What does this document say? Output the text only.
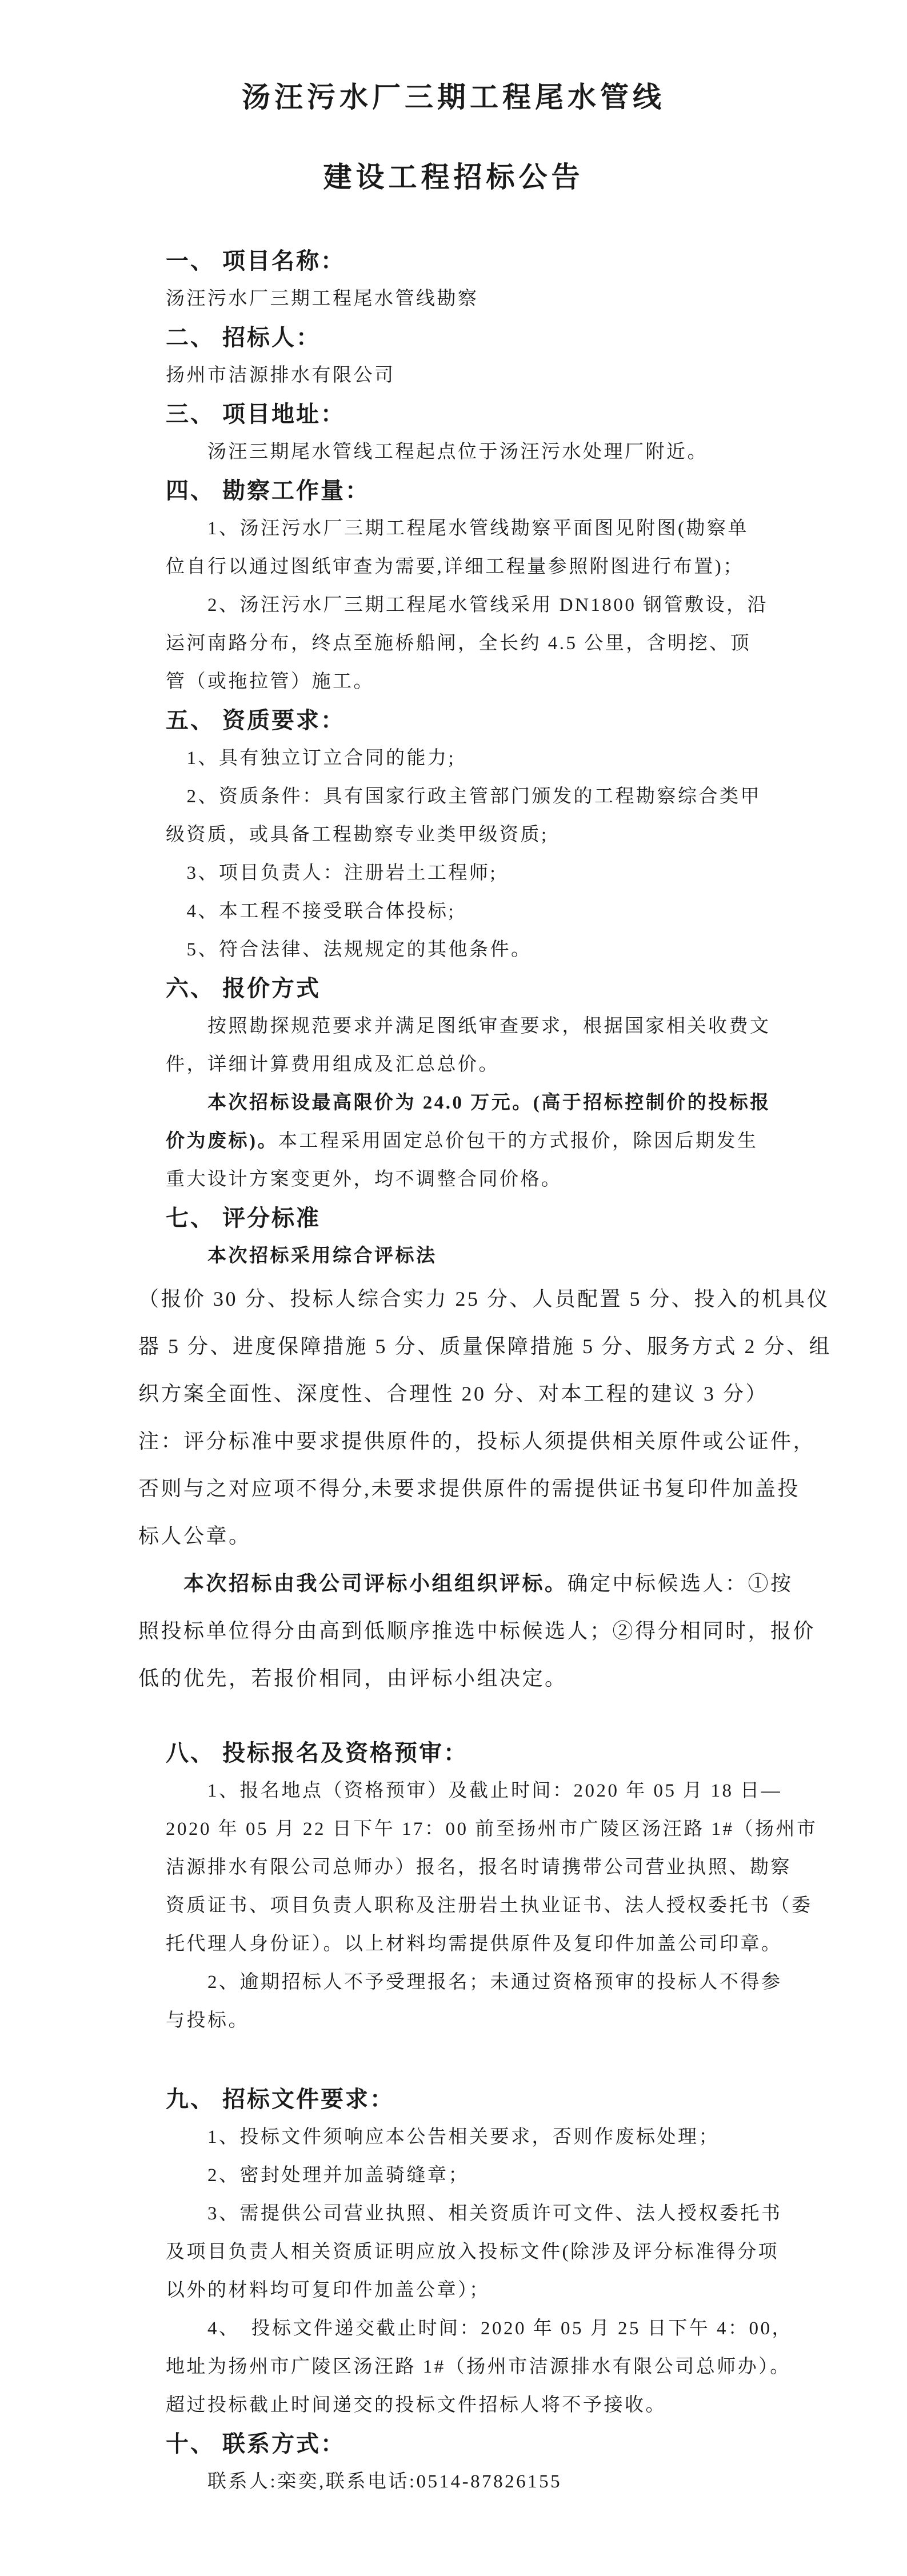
汤汪污水厂三期工程尾水管线
建设工程招标公告
一、 项目名称：
汤汪污水厂三期工程尾水管线勘察
二、 招标人：
扬州市洁源排水有限公司
三、 项目地址：
汤汪三期尾水管线工程起点位于汤汪污水处理厂附近。
四、 勘察工作量：
1、汤汪污水厂三期工程尾水管线勘察平面图见附图(勘察单
位自行以通过图纸审查为需要,详细工程量参照附图进行布置)；
2、汤汪污水厂三期工程尾水管线采用 DN1800 钢管敷设，沿
运河南路分布，终点至施桥船闸，全长约 4.5 公里，含明挖、顶
管（或拖拉管）施工。
五、 资质要求：
1、具有独立订立合同的能力;
2、资质条件：具有国家行政主管部门颁发的工程勘察综合类甲
级资质，或具备工程勘察专业类甲级资质;
3、项目负责人：注册岩土工程师;
4、本工程不接受联合体投标;
5、符合法律、法规规定的其他条件。
六、 报价方式
按照勘探规范要求并满足图纸审查要求，根据国家相关收费文
件，详细计算费用组成及汇总总价。
本次招标设最高限价为 24.0 万元。(高于招标控制价的投标报
价为废标)。本工程采用固定总价包干的方式报价，除因后期发生
重大设计方案变更外，均不调整合同价格。
七、 评分标准
本次招标采用综合评标法
（报价 30 分、投标人综合实力 25 分、人员配置 5 分、投入的机具仪
器 5 分、进度保障措施 5 分、质量保障措施 5 分、服务方式 2 分、组
织方案全面性、深度性、合理性 20 分、对本工程的建议 3 分）
注：评分标准中要求提供原件的，投标人须提供相关原件或公证件，
否则与之对应项不得分,未要求提供原件的需提供证书复印件加盖投
标人公章。
本次招标由我公司评标小组组织评标。确定中标候选人：①按
照投标单位得分由高到低顺序推选中标候选人；②得分相同时，报价
低的优先，若报价相同，由评标小组决定。
八、 投标报名及资格预审：
1、报名地点（资格预审）及截止时间：2020 年 05 月 18 日—
2020 年 05 月 22 日下午 17：00 前至扬州市广陵区汤汪路 1#（扬州市
洁源排水有限公司总师办）报名，报名时请携带公司营业执照、勘察
资质证书、项目负责人职称及注册岩土执业证书、法人授权委托书（委
托代理人身份证）。以上材料均需提供原件及复印件加盖公司印章。
2、逾期招标人不予受理报名；未通过资格预审的投标人不得参
与投标。
九、 招标文件要求：
1、投标文件须响应本公告相关要求，否则作废标处理；
2、密封处理并加盖骑缝章；
3、需提供公司营业执照、相关资质许可文件、法人授权委托书
及项目负责人相关资质证明应放入投标文件(除涉及评分标准得分项
以外的材料均可复印件加盖公章）；
4、　投标文件递交截止时间：2020 年 05 月 25 日下午 4：00，
地址为扬州市广陵区汤汪路 1#（扬州市洁源排水有限公司总师办）。
超过投标截止时间递交的投标文件招标人将不予接收。
十、 联系方式：
联系人:栾奕,联系电话:0514-87826155
